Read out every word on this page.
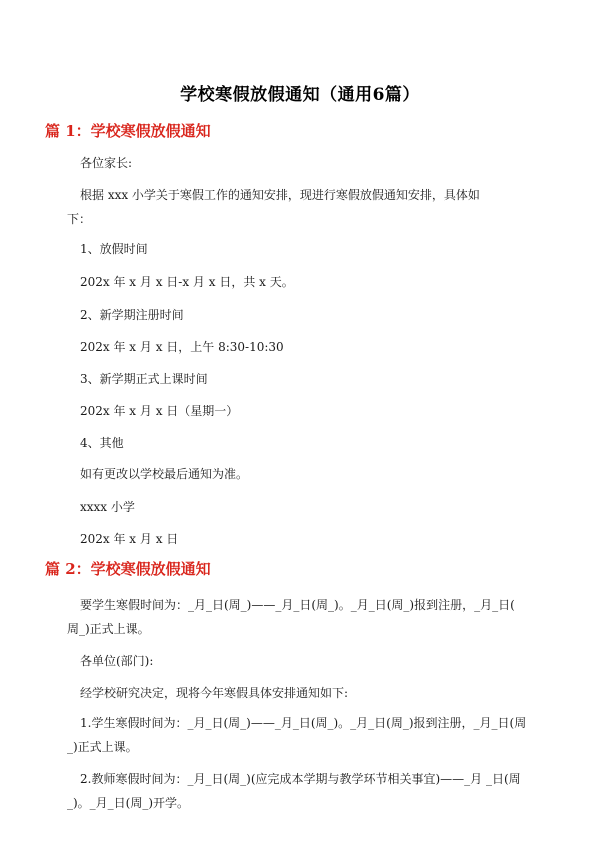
学校寒假放假通知（通用6篇）
篇 1：学校寒假放假通知
各位家长:
根据 xxx 小学关于寒假工作的通知安排，现进行寒假放假通知安排，具体如
下：
1、放假时间
202x 年 x 月 x 日-x 月 x 日，共 x 天。
2、新学期注册时间
202x 年 x 月 x 日，上午 8:30-10:30
3、新学期正式上课时间
202x 年 x 月 x 日（星期一）
4、其他
如有更改以学校最后通知为准。
xxxx 小学
202x 年 x 月 x 日
篇 2：学校寒假放假通知
要学生寒假时间为：_月_日(周_)——_月_日(周_)。_月_日(周_)报到注册，_月_日(
周_)正式上课。
各单位(部门):
经学校研究决定，现将今年寒假具体安排通知如下:
1.学生寒假时间为：_月_日(周_)——_月_日(周_)。_月_日(周_)报到注册，_月_日(周
_)正式上课。
2.教师寒假时间为：_月_日(周_)(应完成本学期与教学环节相关事宜)——_月 _日(周
_)。_月_日(周_)开学。
